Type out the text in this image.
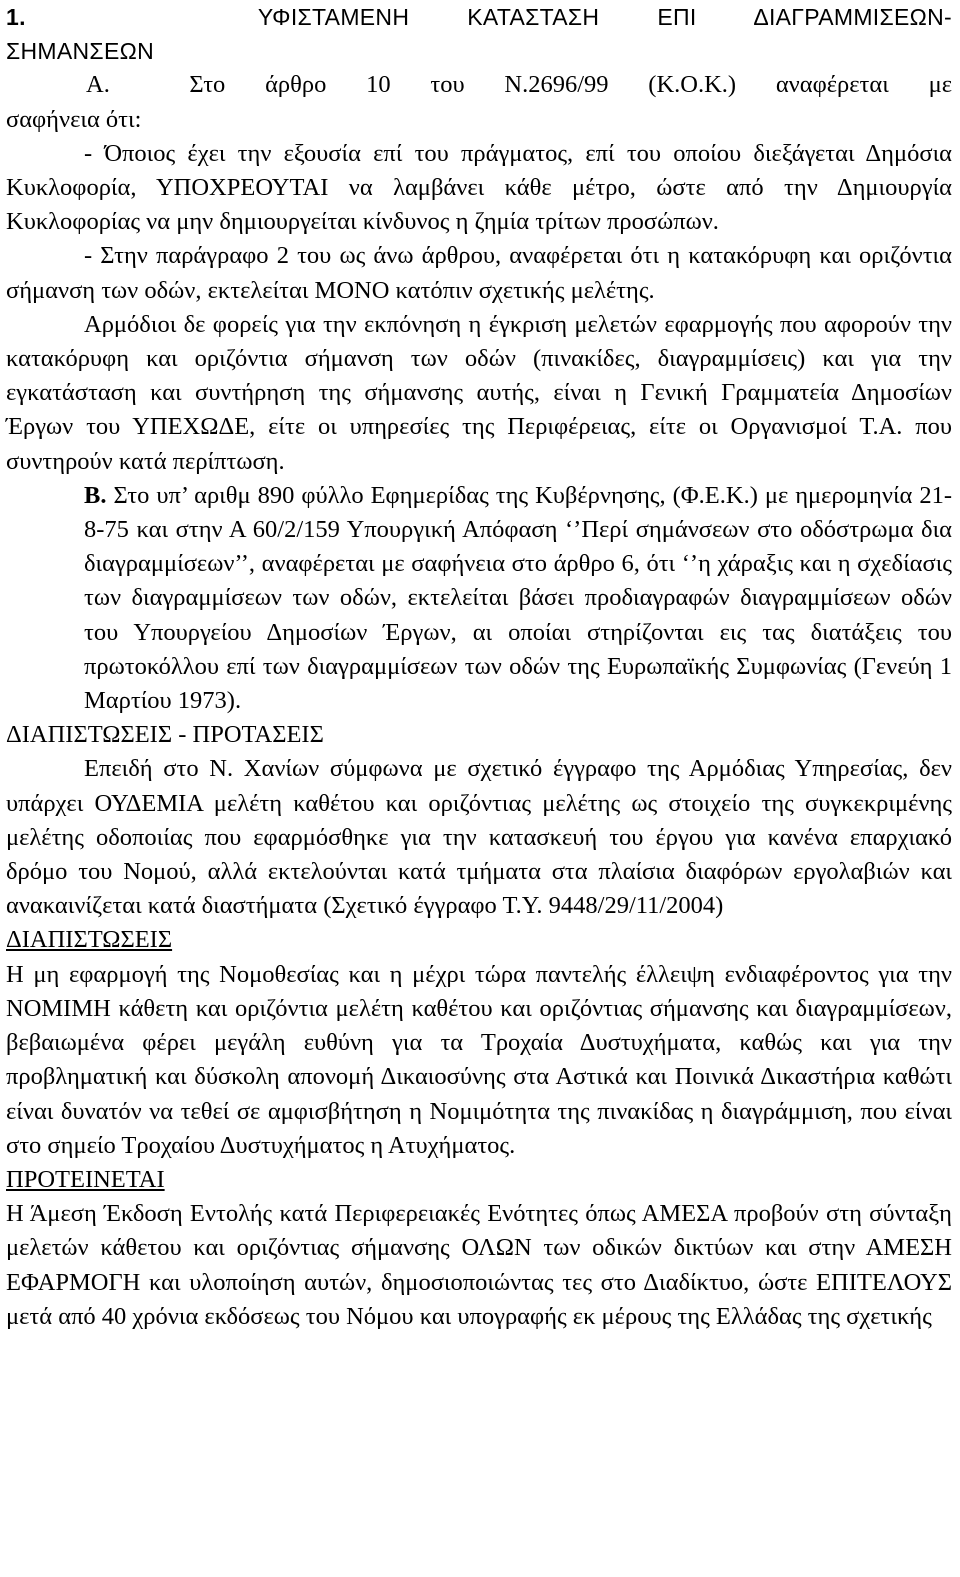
1.	ΥΦΙΣΤΑΜΕΝΗ ΚΑΤΑΣΤΑΣΗ ΕΠΙ ΔΙΑΓΡΑΜΜΙΣΕΩΝ-
ΣΗΜΑΝΣΕΩΝ
Α.	Στο άρθρο 10 του Ν.2696/99 (Κ.Ο.Κ.) αναφέρεται με
σαφήνεια ότι:

- Όποιος έχει την εξουσία επί του πράγματος, επί του οποίου διεξάγεται Δημόσια Κυκλοφορία, ΥΠΟΧΡΕΟΥΤΑΙ να λαμβάνει κάθε μέτρο, ώστε από την Δημιουργία Κυκλοφορίας να μην δημιουργείται κίνδυνος η ζημία τρίτων προσώπων.

- Στην παράγραφο 2 του ως άνω άρθρου, αναφέρεται ότι η κατακόρυφη και οριζόντια σήμανση των οδών, εκτελείται ΜΟΝΟ κατόπιν σχετικής μελέτης.

Αρμόδιοι δε φορείς για την εκπόνηση η έγκριση μελετών εφαρμογής που αφορούν την κατακόρυφη και οριζόντια σήμανση των οδών (πινακίδες, διαγραμμίσεις) και για την εγκατάσταση και συντήρηση της σήμανσης αυτής, είναι η Γενική Γραμματεία Δημοσίων Έργων του ΥΠΕΧΩΔΕ, είτε οι υπηρεσίες της Περιφέρειας, είτε οι Οργανισμοί Τ.Α. που συντηρούν κατά περίπτωση.

Β. Στο υπ’ αριθμ 890 φύλλο Εφημερίδας της Κυβέρνησης, (Φ.Ε.Κ.) με ημερομηνία 21-8-75 και στην Α 60/2/159 Υπουργική Απόφαση ‘’Περί σημάνσεων στο οδόστρωμα δια διαγραμμίσεων’’, αναφέρεται με σαφήνεια στο άρθρο 6, ότι ‘’η χάραξις και η σχεδίασις των διαγραμμίσεων των οδών, εκτελείται βάσει προδιαγραφών διαγραμμίσεων οδών του Υπουργείου Δημοσίων Έργων, αι οποίαι στηρίζονται εις τας διατάξεις του πρωτοκόλλου επί των διαγραμμίσεων των οδών της Ευρωπαϊκής Συμφωνίας (Γενεύη 1 Μαρτίου 1973).

ΔΙΑΠΙΣΤΩΣΕΙΣ - ΠΡΟΤΑΣΕΙΣ

Επειδή στο Ν. Χανίων σύμφωνα με σχετικό έγγραφο της Αρμόδιας Υπηρεσίας, δεν υπάρχει ΟΥΔΕΜΙΑ μελέτη καθέτου και οριζόντιας μελέτης ως στοιχείο της συγκεκριμένης μελέτης οδοποιίας που εφαρμόσθηκε για την κατασκευή του έργου για κανένα επαρχιακό δρόμο του Νομού, αλλά εκτελούνται κατά τμήματα στα πλαίσια διαφόρων εργολαβιών και ανακαινίζεται κατά διαστήματα (Σχετικό έγγραφο Τ.Υ. 9448/29/11/2004)

ΔΙΑΠΙΣΤΩΣΕΙΣ

Η μη εφαρμογή της Νομοθεσίας και η μέχρι τώρα παντελής έλλειψη ενδιαφέροντος για την ΝΟΜΙΜΗ κάθετη και οριζόντια μελέτη καθέτου και οριζόντιας σήμανσης και διαγραμμίσεων, βεβαιωμένα φέρει μεγάλη ευθύνη για τα Τροχαία Δυστυχήματα, καθώς και για την προβληματική και δύσκολη απονομή Δικαιοσύνης στα Αστικά και Ποινικά Δικαστήρια καθώτι είναι δυνατόν να τεθεί σε αμφισβήτηση η Νομιμότητα της πινακίδας η διαγράμμιση, που είναι στο σημείο Τροχαίου Δυστυχήματος η Ατυχήματος.

ΠΡΟΤΕΙΝΕΤΑΙ

Η Άμεση Έκδοση Εντολής κατά Περιφερειακές Ενότητες όπως ΑΜΕΣΑ προβούν στη σύνταξη μελετών κάθετου και οριζόντιας σήμανσης ΟΛΩΝ των οδικών δικτύων και στην ΑΜΕΣΗ ΕΦΑΡΜΟΓΗ και υλοποίηση αυτών, δημοσιοποιώντας τες στο Διαδίκτυο, ώστε ΕΠΙΤΕΛΟΥΣ μετά από 40 χρόνια εκδόσεως του Νόμου και υπογραφής εκ μέρους της Ελλάδας της σχετικής
